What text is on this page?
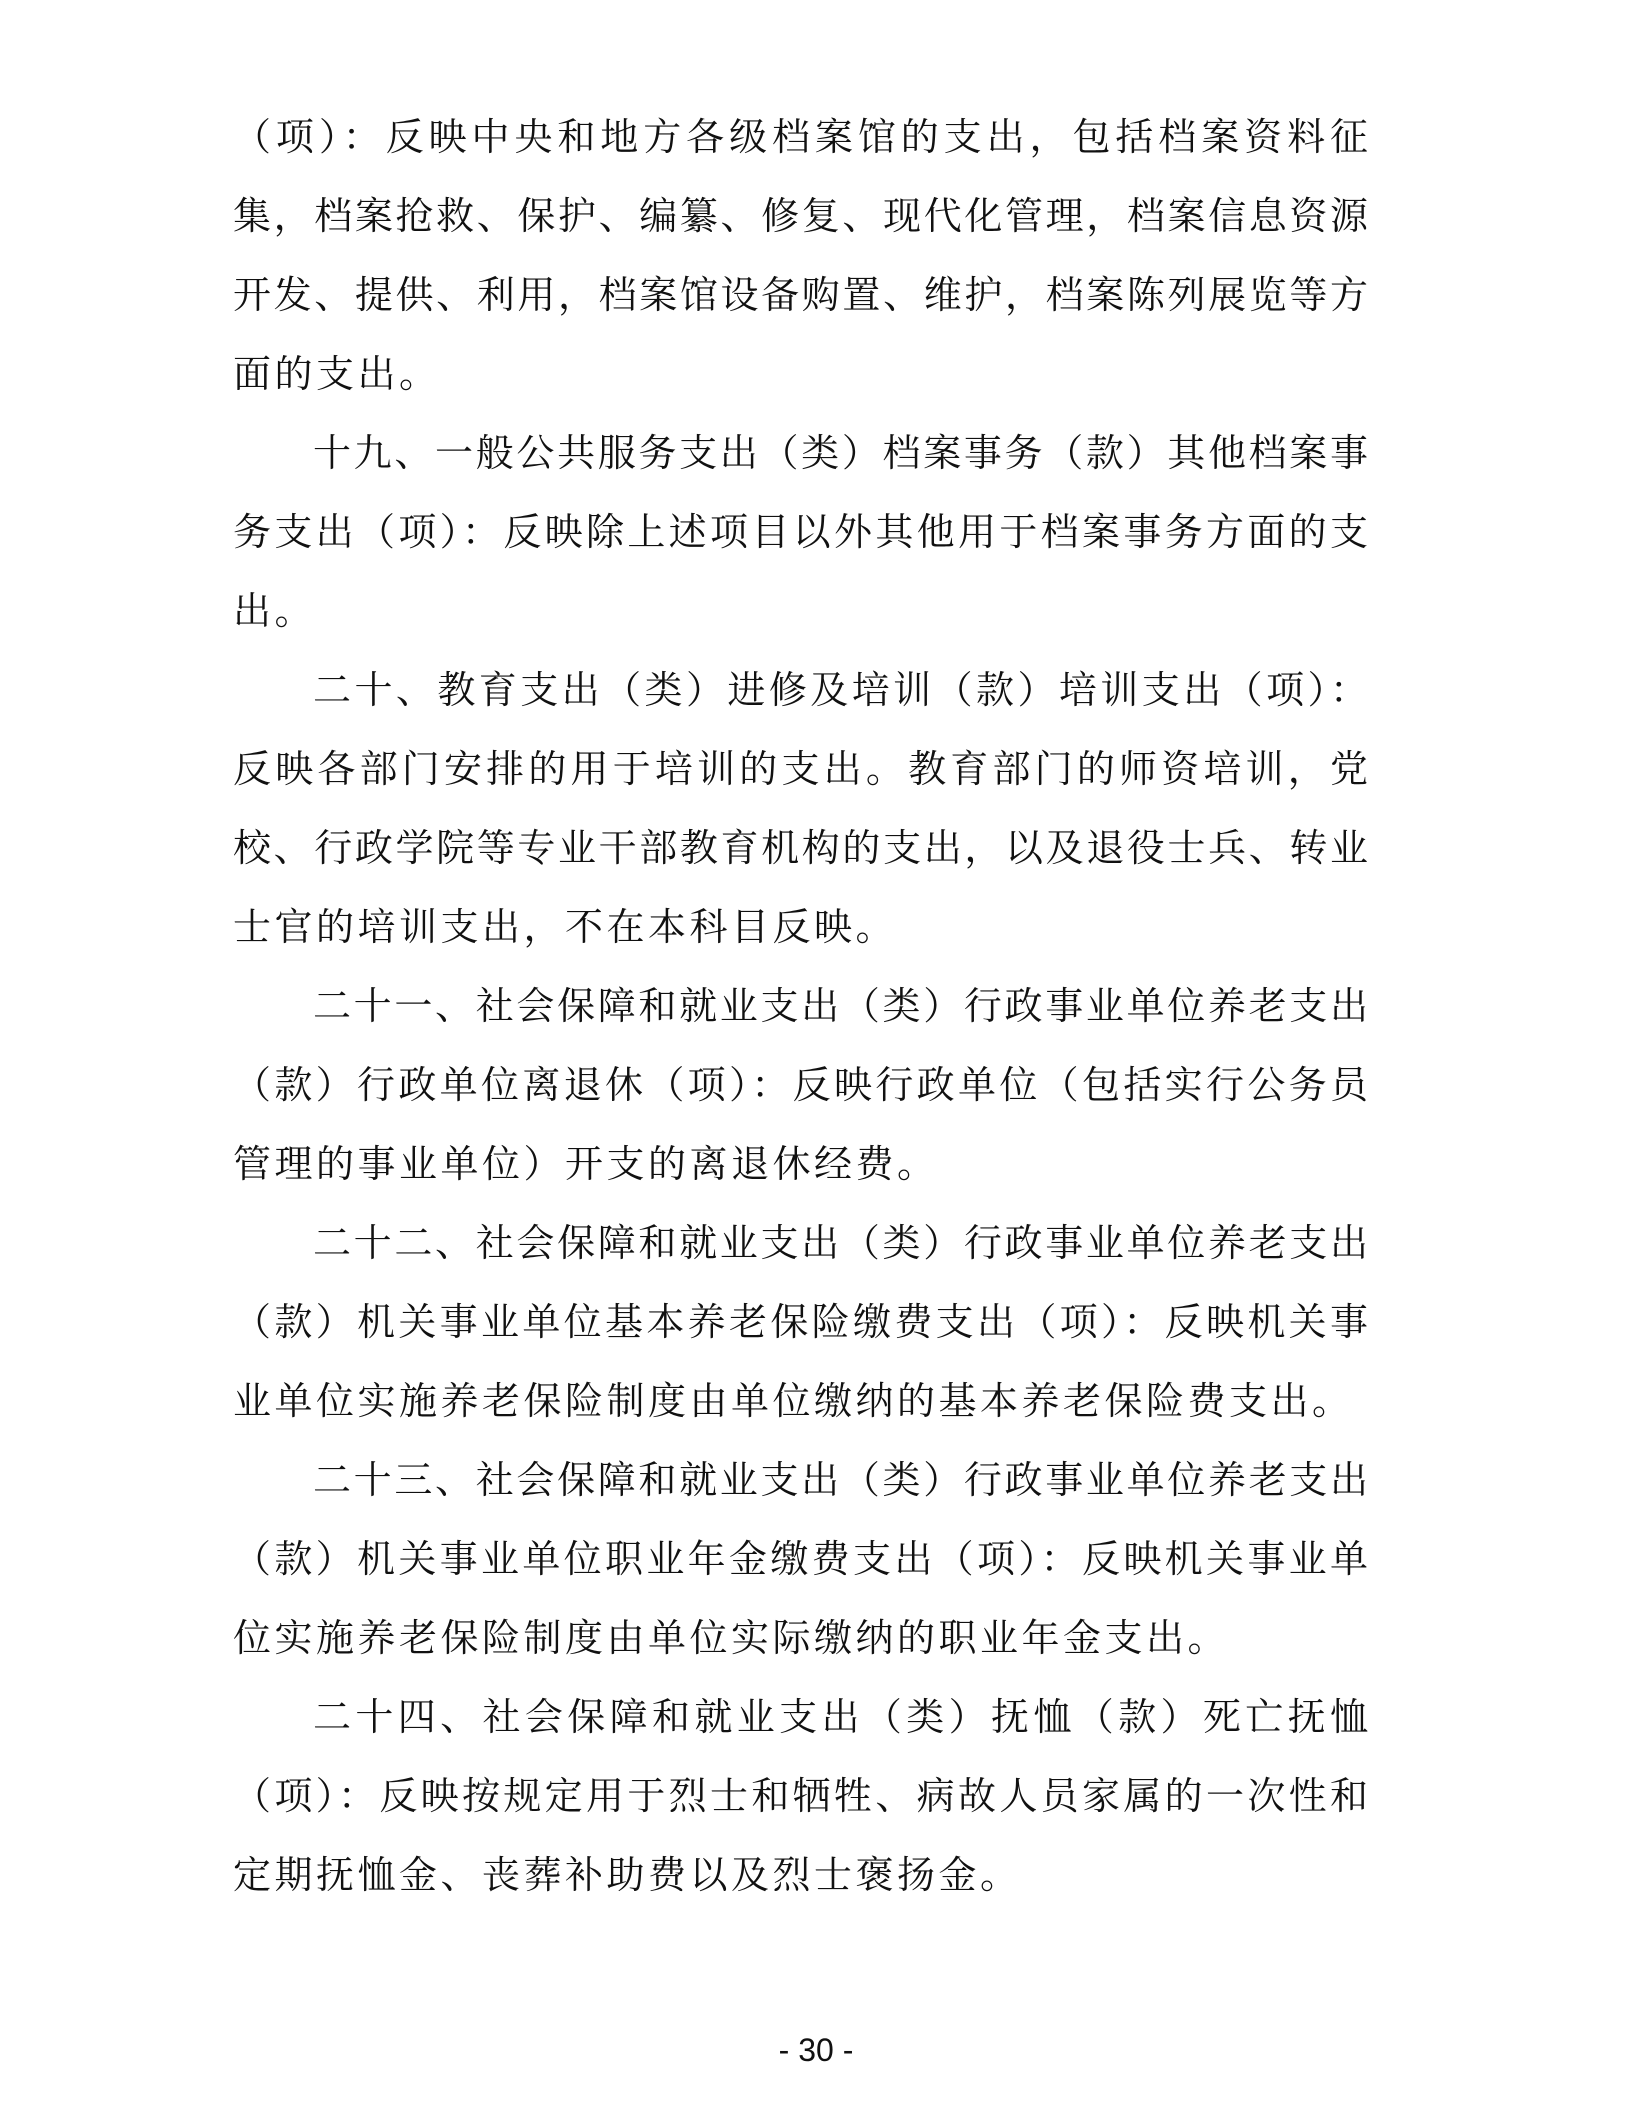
（项）：反映中央和地方各级档案馆的支出，包括档案资料征
集，档案抢救、保护、编纂、修复、现代化管理，档案信息资源
开发、提供、利用，档案馆设备购置、维护，档案陈列展览等方
面的支出。
十九、一般公共服务支出（类）档案事务（款）其他档案事
务支出（项）：反映除上述项目以外其他用于档案事务方面的支
出。
二十、教育支出（类）进修及培训（款）培训支出（项）：
反映各部门安排的用于培训的支出。教育部门的师资培训，党
校、行政学院等专业干部教育机构的支出，以及退役士兵、转业
士官的培训支出，不在本科目反映。
二十一、社会保障和就业支出（类）行政事业单位养老支出
（款）行政单位离退休（项）：反映行政单位（包括实行公务员
管理的事业单位）开支的离退休经费。
二十二、社会保障和就业支出（类）行政事业单位养老支出
（款）机关事业单位基本养老保险缴费支出（项）：反映机关事
业单位实施养老保险制度由单位缴纳的基本养老保险费支出。
二十三、社会保障和就业支出（类）行政事业单位养老支出
（款）机关事业单位职业年金缴费支出（项）：反映机关事业单
位实施养老保险制度由单位实际缴纳的职业年金支出。
二十四、社会保障和就业支出（类）抚恤（款）死亡抚恤
（项）：反映按规定用于烈士和牺牲、病故人员家属的一次性和
定期抚恤金、丧葬补助费以及烈士褒扬金。
- 30 -
